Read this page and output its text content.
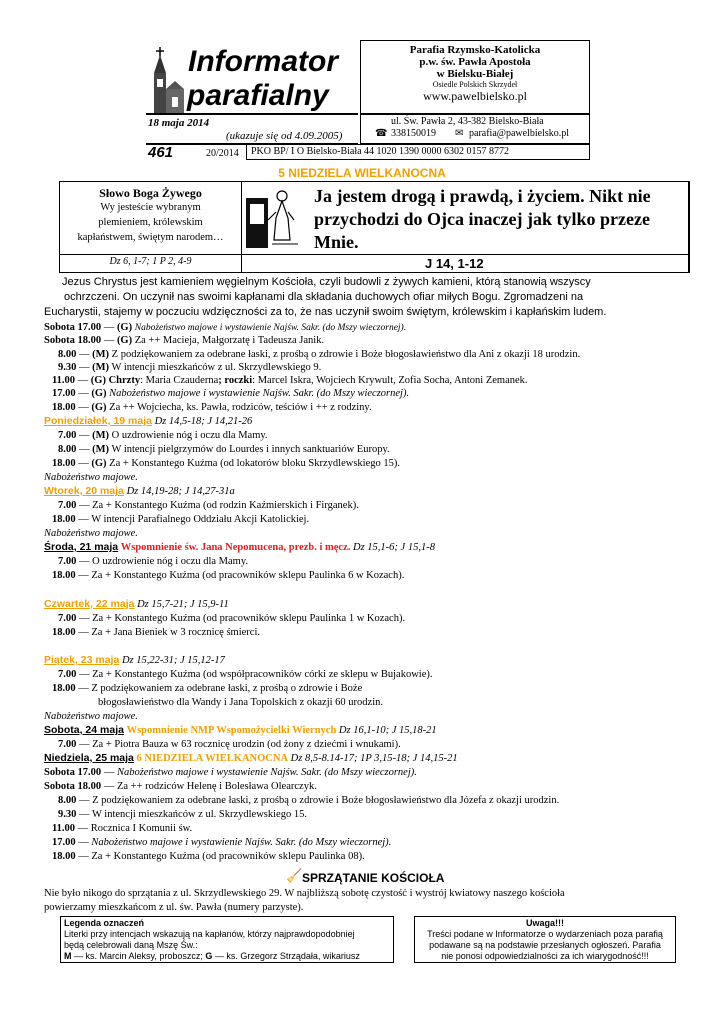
Informator
parafialny
18 maja 2014
(ukazuje się od 4.09.2005)
461	20/2014
Parafia Rzymsko-Katolicka
p.w. św. Pawła Apostoła
w Bielsku-Białej
Osiedle Polskich Skrzydeł
www.pawelbielsko.pl
ul. Św. Pawła 2, 43-382 Bielsko-Biała
☎ 338150019 ✉ parafia@pawelbielsko.pl
PKO BP/ I O Bielsko-Biała 44 1020 1390 0000 6302 0157 8772
5 NIEDZIELA WIELKANOCNA
Słowo Boga Żywego
Wy jesteście wybranym
plemieniem, królewskim
kapłaństwem, świętym narodem…
Dz 6, 1-7; 1 P 2, 4-9
Ja jestem drogą i prawdą, i życiem. Nikt nie
przychodzi do Ojca inaczej jak tylko przeze
Mnie.
J 14, 1-12
Jezus Chrystus jest kamieniem węgielnym Kościoła, czyli budowli z żywych kamieni, którą stanowią wszyscy
ochrzczeni. On uczynił nas swoimi kapłanami dla składania duchowych ofiar miłych Bogu. Zgromadzeni na
Eucharystii, stajemy w poczuciu wdzięczności za to, że nas uczynił swoim świętym, królewskim i kapłańskim ludem.
Sobota 17.00 — (G) Nabożeństwo majowe i wystawienie Najśw. Sakr. (do Mszy wieczornej).
Sobota 18.00 — (G) Za ++ Macieja, Małgorzatę i Tadeusza Janik.
8.00 — (M) Z podziękowaniem za odebrane łaski, z prośbą o zdrowie i Boże błogosławieństwo dla Ani z okazji 18 urodzin.
9.30 — (M) W intencji mieszkańców z ul. Skrzydlewskiego 9.
11.00 — (G) Chrzty: Maria Czauderna; roczki: Marcel Iskra, Wojciech Krywult, Zofia Socha, Antoni Zemanek.
17.00 — (G) Nabożeństwo majowe i wystawienie Najśw. Sakr. (do Mszy wieczornej).
18.00 — (G) Za ++ Wojciecha, ks. Pawła, rodziców, teściów i ++ z rodziny.
Poniedziałek, 19 maja Dz 14,5-18; J 14,21-26
7.00 — (M) O uzdrowienie nóg i oczu dla Mamy.
8.00 — (M) W intencji pielgrzymów do Lourdes i innych sanktuariów Europy.
18.00 — (G) Za + Konstantego Kuźma (od lokatorów bloku Skrzydlewskiego 15).
Nabożeństwo majowe.
Wtorek, 20 maja Dz 14,19-28; J 14,27-31a
7.00 — Za + Konstantego Kuźma (od rodzin Kaźmierskich i Firganek).
18.00 — W intencji Parafialnego Oddziału Akcji Katolickiej.
Nabożeństwo majowe.
Środa, 21 maja Wspomnienie św. Jana Nepomucena, prezb. i męcz. Dz 15,1-6; J 15,1-8
7.00 — O uzdrowienie nóg i oczu dla Mamy.
18.00 — Za + Konstantego Kuźma (od pracowników sklepu Paulinka 6 w Kozach).
Czwartek, 22 maja Dz 15,7-21; J 15,9-11
7.00 — Za + Konstantego Kuźma (od pracowników sklepu Paulinka 1 w Kozach).
18.00 — Za + Jana Bieniek w 3 rocznicę śmierci.
Piątek, 23 maja Dz 15,22-31; J 15,12-17
7.00 — Za + Konstantego Kuźma (od współpracowników córki ze sklepu w Bujakowie).
18.00 — Z podziękowaniem za odebrane łaski, z prośbą o zdrowie i Boże
błogosławieństwo dla Wandy i Jana Topolskich z okazji 60 urodzin.
Nabożeństwo majowe.
Sobota, 24 maja Wspomnienie NMP Wspomożycielki Wiernych Dz 16,1-10; J 15,18-21
7.00 — Za + Piotra Bauza w 63 rocznicę urodzin (od żony z dziećmi i wnukami).
Niedziela, 25 maja 6 NIEDZIELA WIELKANOCNA Dz 8,5-8.14-17; 1P 3,15-18; J 14,15-21
Sobota 17.00 — Nabożeństwo majowe i wystawienie Najśw. Sakr. (do Mszy wieczornej).
Sobota 18.00 — Za ++ rodziców Helenę i Bolesława Olearczyk.
8.00 — Z podziękowaniem za odebrane łaski, z prośbą o zdrowie i Boże błogosławieństwo dla Józefa z okazji urodzin.
9.30 — W intencji mieszkańców z ul. Skrzydlewskiego 15.
11.00 — Rocznica I Komunii św.
17.00 — Nabożeństwo majowe i wystawienie Najśw. Sakr. (do Mszy wieczornej).
18.00 — Za + Konstantego Kuźma (od pracowników sklepu Paulinka 08).
🧹 SPRZĄTANIE KOŚCIOŁA
Nie było nikogo do sprzątania z ul. Skrzydlewskiego 29. W najbliższą sobotę czystość i wystrój kwiatowy naszego kościoła
powierzamy mieszkańcom z ul. św. Pawła (numery parzyste).
Legenda oznaczeń
Literki przy intencjach wskazują na kapłanów, którzy najprawdopodobniej
będą celebrowali daną Mszę Św.:
M — ks. Marcin Aleksy, proboszcz; G — ks. Grzegorz Strządała, wikariusz
Uwaga!!!
Treści podane w Informatorze o wydarzeniach poza parafią
podawane są na podstawie przesłanych ogłoszeń. Parafia
nie ponosi odpowiedzialności za ich wiarygodność!!!
